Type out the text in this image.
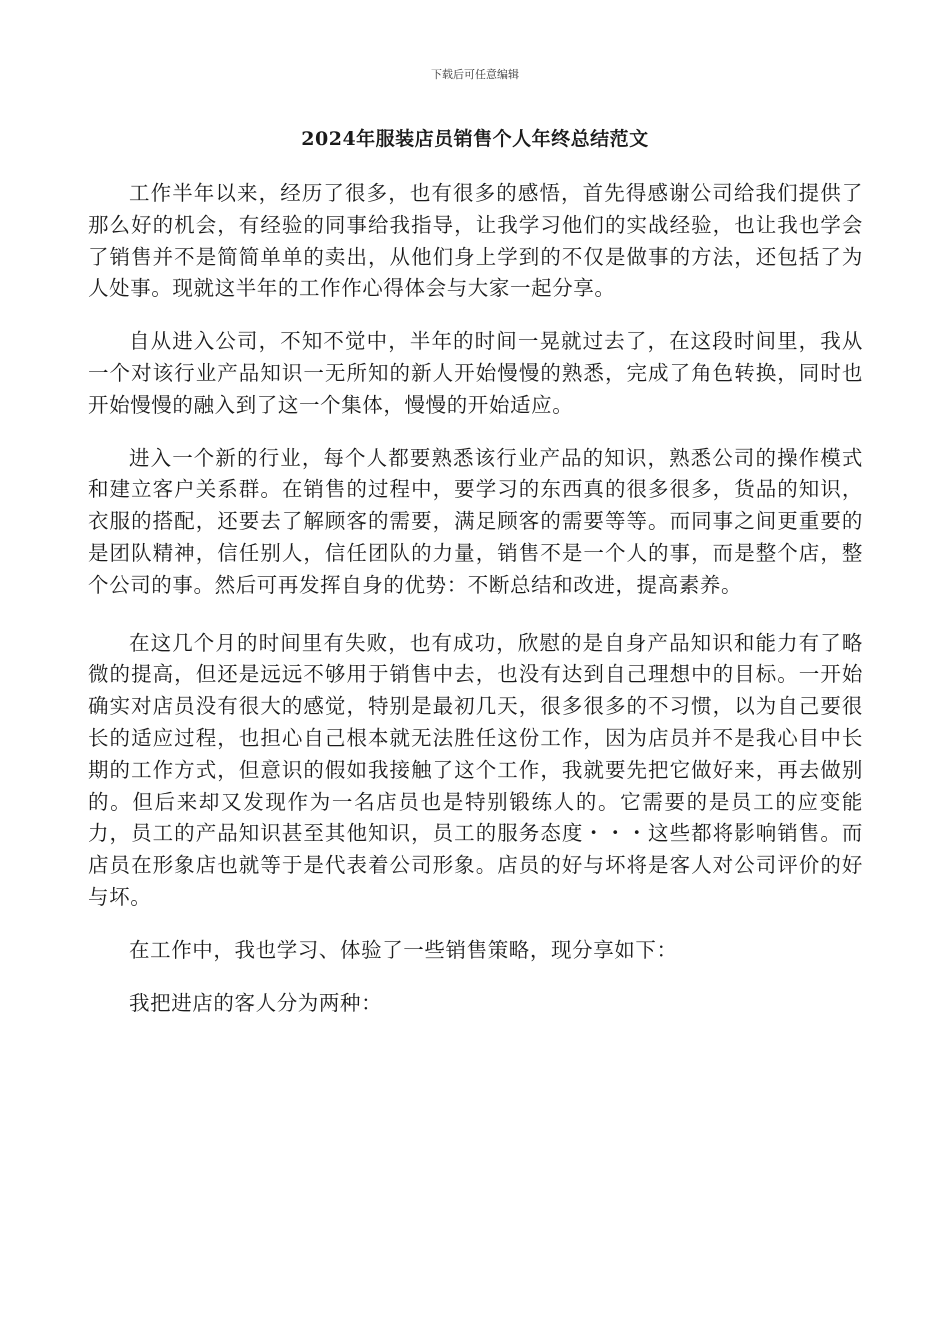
下载后可任意编辑
2024年服装店员销售个人年终总结范文

工作半年以来，经历了很多，也有很多的感悟，首先得感谢公司给我们提供了那么好的机会，有经验的同事给我指导，让我学习他们的实战经验，也让我也学会了销售并不是简简单单的卖出，从他们身上学到的不仅是做事的方法，还包括了为人处事。现就这半年的工作作心得体会与大家一起分享。

自从进入公司，不知不觉中，半年的时间一晃就过去了，在这段时间里，我从一个对该行业产品知识一无所知的新人开始慢慢的熟悉，完成了角色转换，同时也开始慢慢的融入到了这一个集体，慢慢的开始适应。

进入一个新的行业，每个人都要熟悉该行业产品的知识，熟悉公司的操作模式和建立客户关系群。在销售的过程中，要学习的东西真的很多很多，货品的知识，衣服的搭配，还要去了解顾客的需要，满足顾客的需要等等。而同事之间更重要的是团队精神，信任别人，信任团队的力量，销售不是一个人的事，而是整个店，整个公司的事。然后可再发挥自身的优势：不断总结和改进，提高素养。

在这几个月的时间里有失败，也有成功，欣慰的是自身产品知识和能力有了略微的提高，但还是远远不够用于销售中去，也没有达到自己理想中的目标。一开始确实对店员没有很大的感觉，特别是最初几天，很多很多的不习惯，以为自己要很长的适应过程，也担心自己根本就无法胜任这份工作，因为店员并不是我心目中长期的工作方式，但意识的假如我接触了这个工作，我就要先把它做好来，再去做别的。但后来却又发现作为一名店员也是特别锻练人的。它需要的是员工的应变能力，员工的产品知识甚至其他知识，员工的服务态度・・・这些都将影响销售。而店员在形象店也就等于是代表着公司形象。店员的好与坏将是客人对公司评价的好与坏。

在工作中，我也学习、体验了一些销售策略，现分享如下：

我把进店的客人分为两种：
